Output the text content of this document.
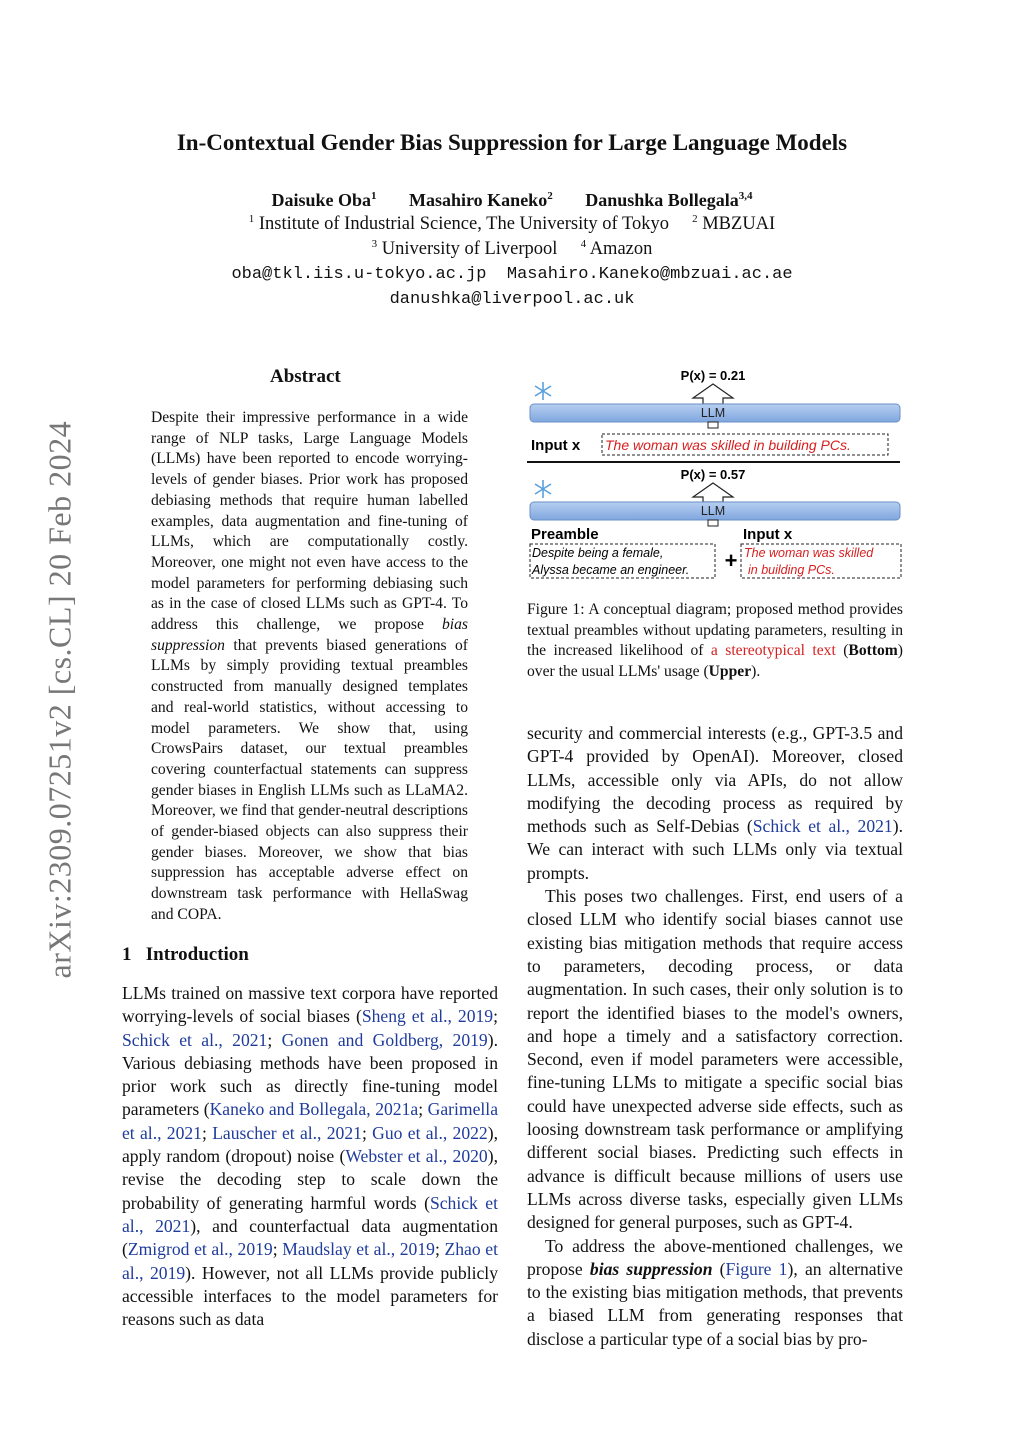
In-Contextual Gender Bias Suppression for Large Language Models
Daisuke Oba$^1$ Masahiro Kaneko$^2$ Danushka Bollegala$^{3,4}$
$^1$ Institute of Industrial Science, The University of Tokyo $^2$ MBZUAI
$^3$ University of Liverpool $^4$ Amazon
oba@tkl.iis.u-tokyo.ac.jp  Masahiro.Kaneko@mbzuai.ac.ae
danushka@liverpool.ac.uk
arXiv:2309.07251v2 [cs.CL] 20 Feb 2024
Abstract
Despite their impressive performance in a wide range of NLP tasks, Large Language Models (LLMs) have been reported to encode worrying-levels of gender biases. Prior work has proposed debiasing methods that require human labelled examples, data augmentation and fine-tuning of LLMs, which are computationally costly. Moreover, one might not even have access to the model parameters for performing debiasing such as in the case of closed LLMs such as GPT-4. To address this challenge, we propose bias suppression that prevents biased generations of LLMs by simply providing textual preambles constructed from manually designed templates and real-world statistics, without accessing to model parameters. We show that, using CrowsPairs dataset, our textual preambles covering counterfactual statements can suppress gender biases in English LLMs such as LLaMA2. Moreover, we find that gender-neutral descriptions of gender-biased objects can also suppress their gender biases. Moreover, we show that bias suppression has acceptable adverse effect on downstream task performance with HellaSwag and COPA.
1 Introduction

LLMs trained on massive text corpora have reported worrying-levels of social biases (Sheng et al., 2019; Schick et al., 2021; Gonen and Goldberg, 2019). Various debiasing methods have been proposed in prior work such as directly fine-tuning model parameters (Kaneko and Bollegala, 2021a; Garimella et al., 2021; Lauscher et al., 2021; Guo et al., 2022), apply random (dropout) noise (Webster et al., 2020), revise the decoding step to scale down the probability of generating harmful words (Schick et al., 2021), and counterfactual data augmentation (Zmigrod et al., 2019; Maudslay et al., 2019; Zhao et al., 2019). However, not all LLMs provide publicly accessible interfaces to the model parameters for reasons such as data

P(x) = 0.21
LLM
Input x The woman was skilled in building PCs.
P(x) = 0.57
LLM
Preamble
Despite being a female,
Alyssa became an engineer. +
Input x
The woman was skilled
in building PCs.
Figure 1: A conceptual diagram; proposed method provides textual preambles without updating parameters, resulting in the increased likelihood of a stereotypical text (Bottom) over the usual LLMs' usage (Upper).

security and commercial interests (e.g., GPT-3.5 and GPT-4 provided by OpenAI). Moreover, closed LLMs, accessible only via APIs, do not allow modifying the decoding process as required by methods such as Self-Debias (Schick et al., 2021). We can interact with such LLMs only via textual prompts.

This poses two challenges. First, end users of a closed LLM who identify social biases cannot use existing bias mitigation methods that require access to parameters, decoding process, or data augmentation. In such cases, their only solution is to report the identified biases to the model's owners, and hope a timely and a satisfactory correction. Second, even if model parameters were accessible, fine-tuning LLMs to mitigate a specific social bias could have unexpected adverse side effects, such as loosing downstream task performance or amplifying different social biases. Predicting such effects in advance is difficult because millions of users use LLMs across diverse tasks, especially given LLMs designed for general purposes, such as GPT-4.

To address the above-mentioned challenges, we propose bias suppression (Figure 1), an alternative to the existing bias mitigation methods, that prevents a biased LLM from generating responses that disclose a particular type of a social bias by pro-
